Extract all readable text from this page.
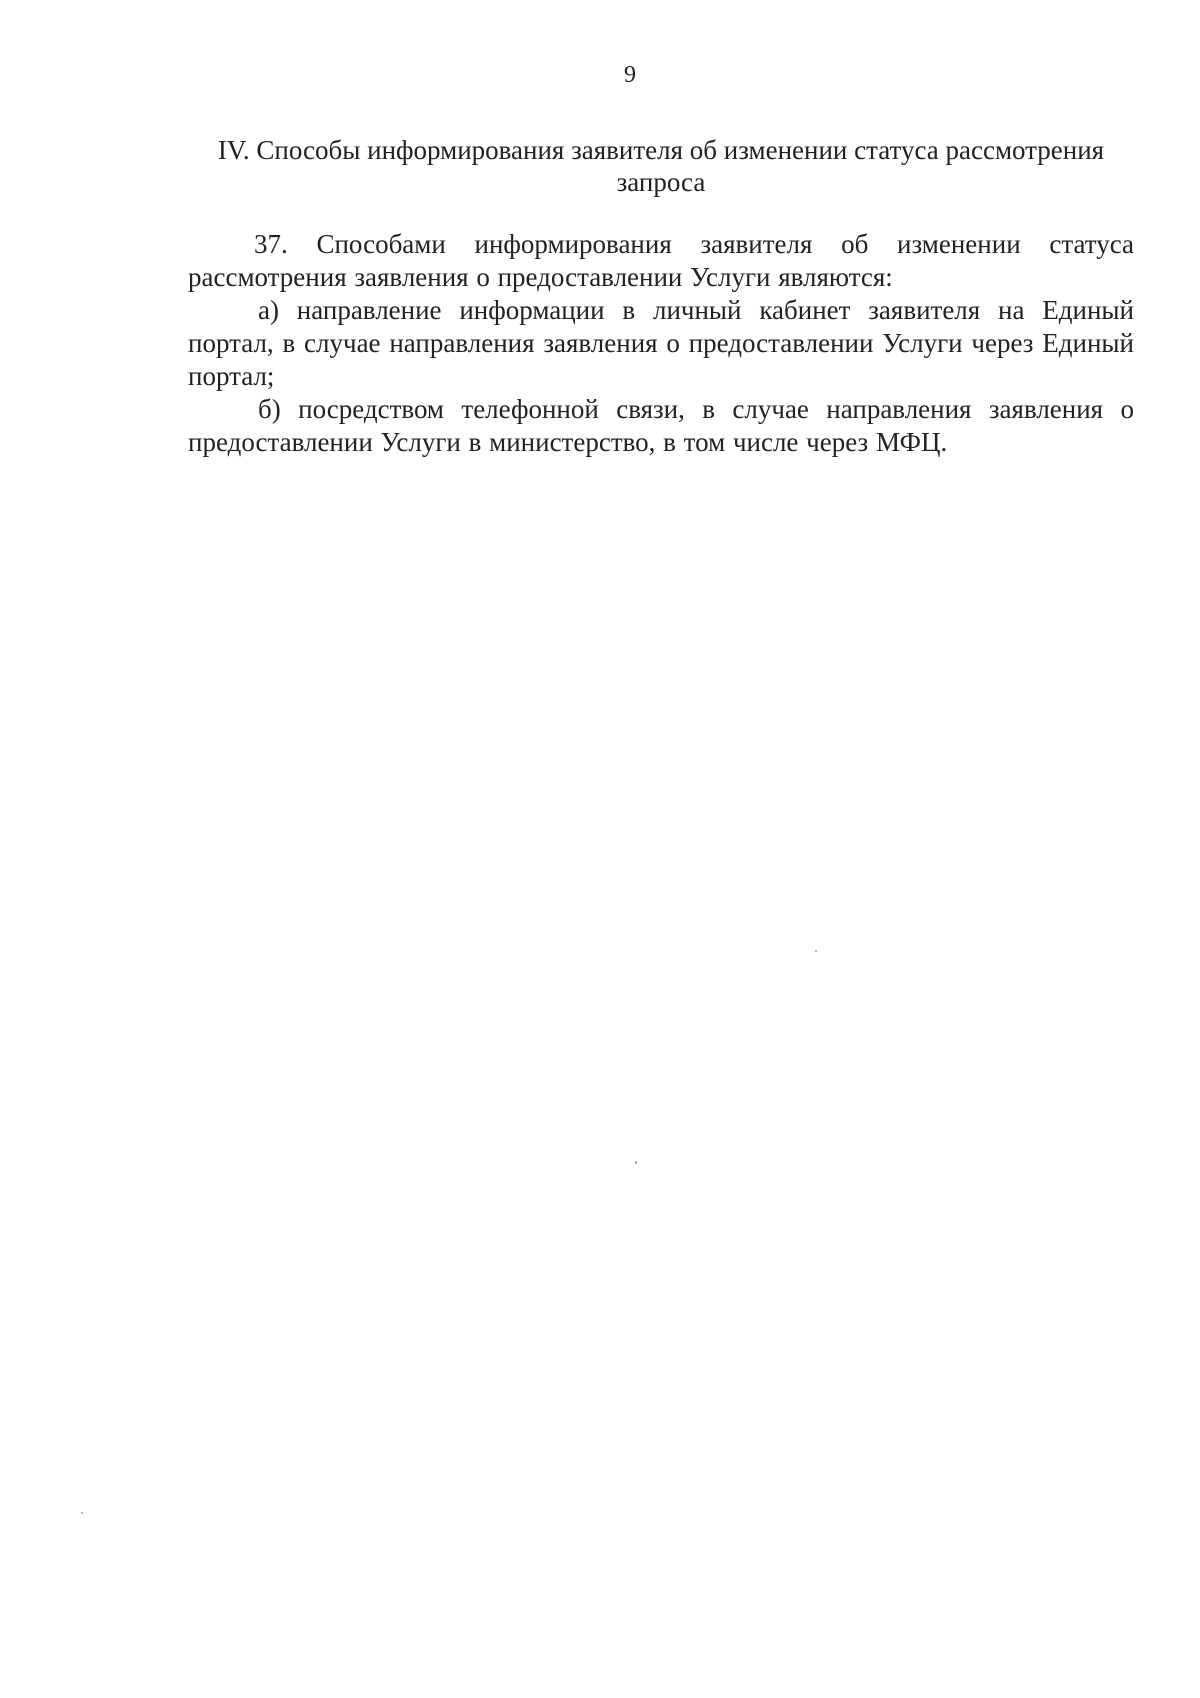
9
IV. Способы информирования заявителя об изменении статуса рассмотрения запроса

37. Способами информирования заявителя об изменении статуса рассмотрения заявления о предоставлении Услуги являются:

а) направление информации в личный кабинет заявителя на Единый портал, в случае направления заявления о предоставлении Услуги через Единый портал;

б) посредством телефонной связи, в случае направления заявления о предоставлении Услуги в министерство, в том числе через МФЦ.
